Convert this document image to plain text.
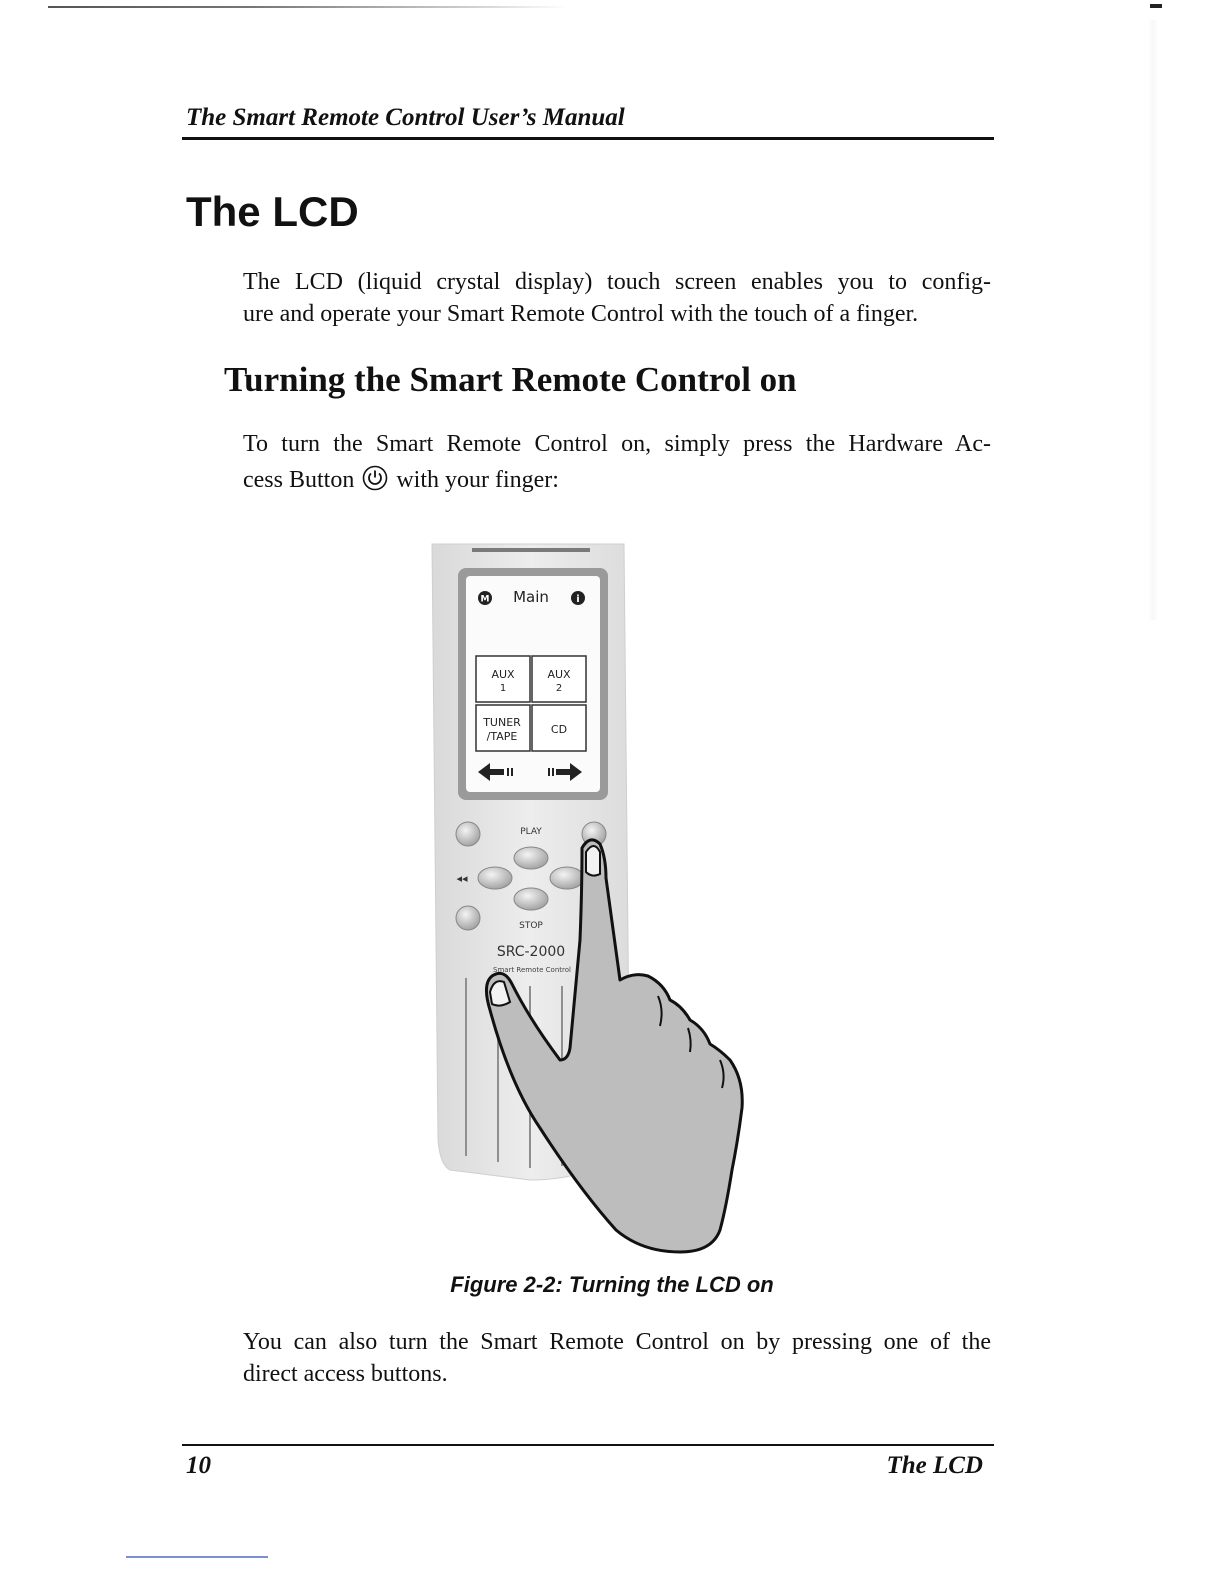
The Smart Remote Control User’s Manual
The LCD

The LCD (liquid crystal display) touch screen enables you to config-
ure and operate your Smart Remote Control with the touch of a finger.

Turning the Smart Remote Control on

To turn the Smart Remote Control on, simply press the Hardware Ac-
cess Button with your finger:

M Main	i
AUX
1
AUX
2
TUNER
/TAPE
CD
PLAY
◂◂
STOP
SRC-2000
Smart Remote Control

Figure 2-2: Turning the LCD on

You can also turn the Smart Remote Control on by pressing one of the
direct access buttons.

10	The LCD
